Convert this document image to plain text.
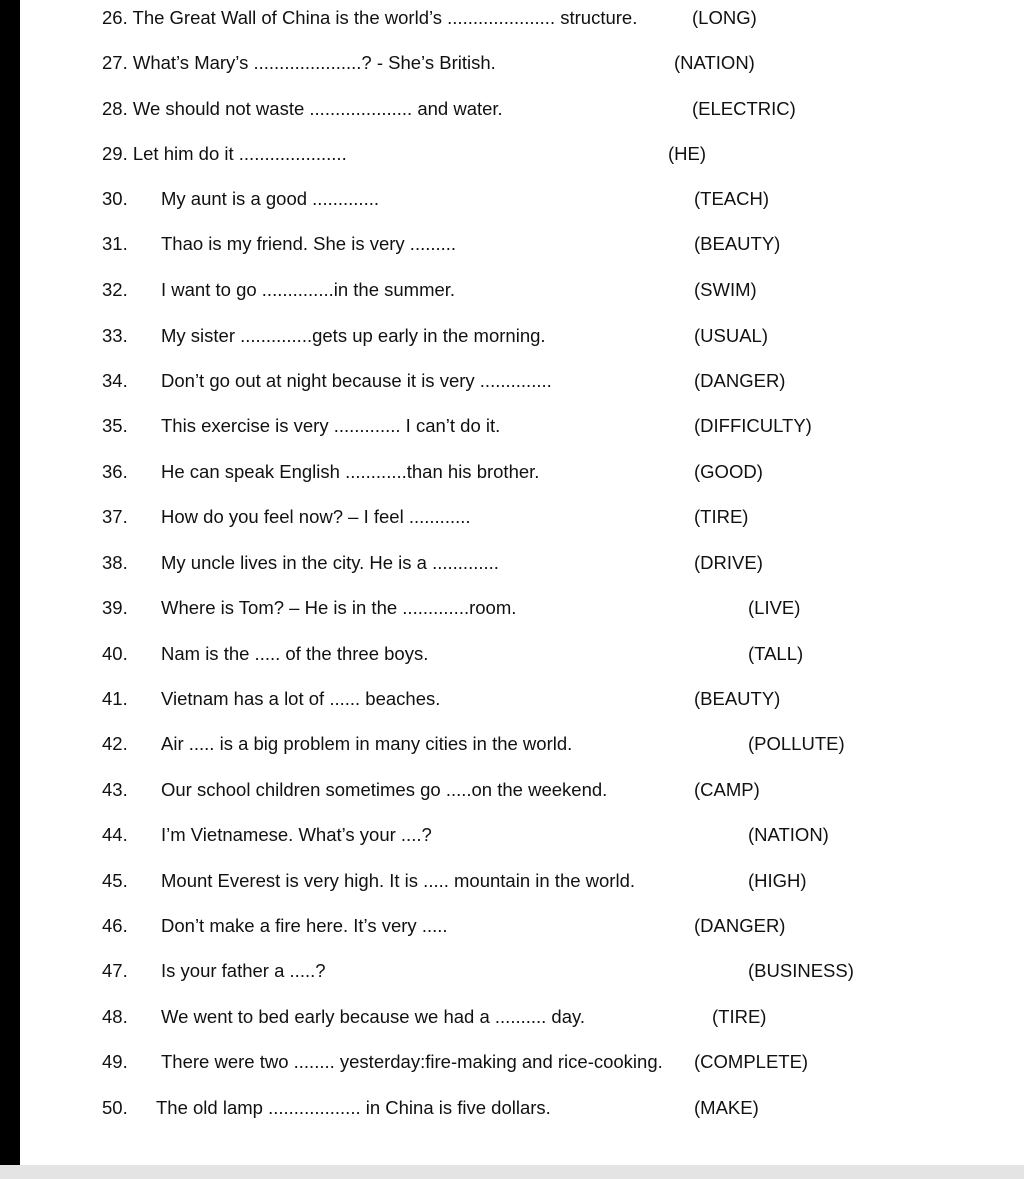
26. The Great Wall of China is the world’s ..................... structure.	(LONG)
27. What’s Mary’s .....................? - She’s British.	(NATION)
28. We should not waste .................... and water.	(ELECTRIC)
29. Let him do it .....................	(HE)
30. My aunt is a good .............	(TEACH)
31. Thao is my friend. She is very .........	(BEAUTY)
32. I want to go ..............in the summer.	(SWIM)
33. My sister ..............gets up early in the morning.	(USUAL)
34. Don’t go out at night because it is very ..............	(DANGER)
35. This exercise is very ............. I can’t do it.	(DIFFICULTY)
36. He can speak English ............than his brother.	(GOOD)
37. How do you feel now? – I feel ............	(TIRE)
38. My uncle lives in the city. He is a .............	(DRIVE)
39. Where is Tom? – He is in the .............room.	(LIVE)
40. Nam is the ..... of the three boys.	(TALL)
41. Vietnam has a lot of ...... beaches.	(BEAUTY)
42. Air ..... is a big problem in many cities in the world.	(POLLUTE)
43. Our school children sometimes go .....on the weekend.	(CAMP)
44. I’m Vietnamese. What’s your ....?	(NATION)
45. Mount Everest is very high. It is ..... mountain in the world.	(HIGH)
46. Don’t make a fire here. It’s very .....	(DANGER)
47. Is your father a .....?	(BUSINESS)
48. We went to bed early because we had a .......... day.	(TIRE)
49. There were two ........ yesterday:fire-making and rice-cooking. (COMPLETE)
50. The old lamp .................. in China is five dollars.	(MAKE)
